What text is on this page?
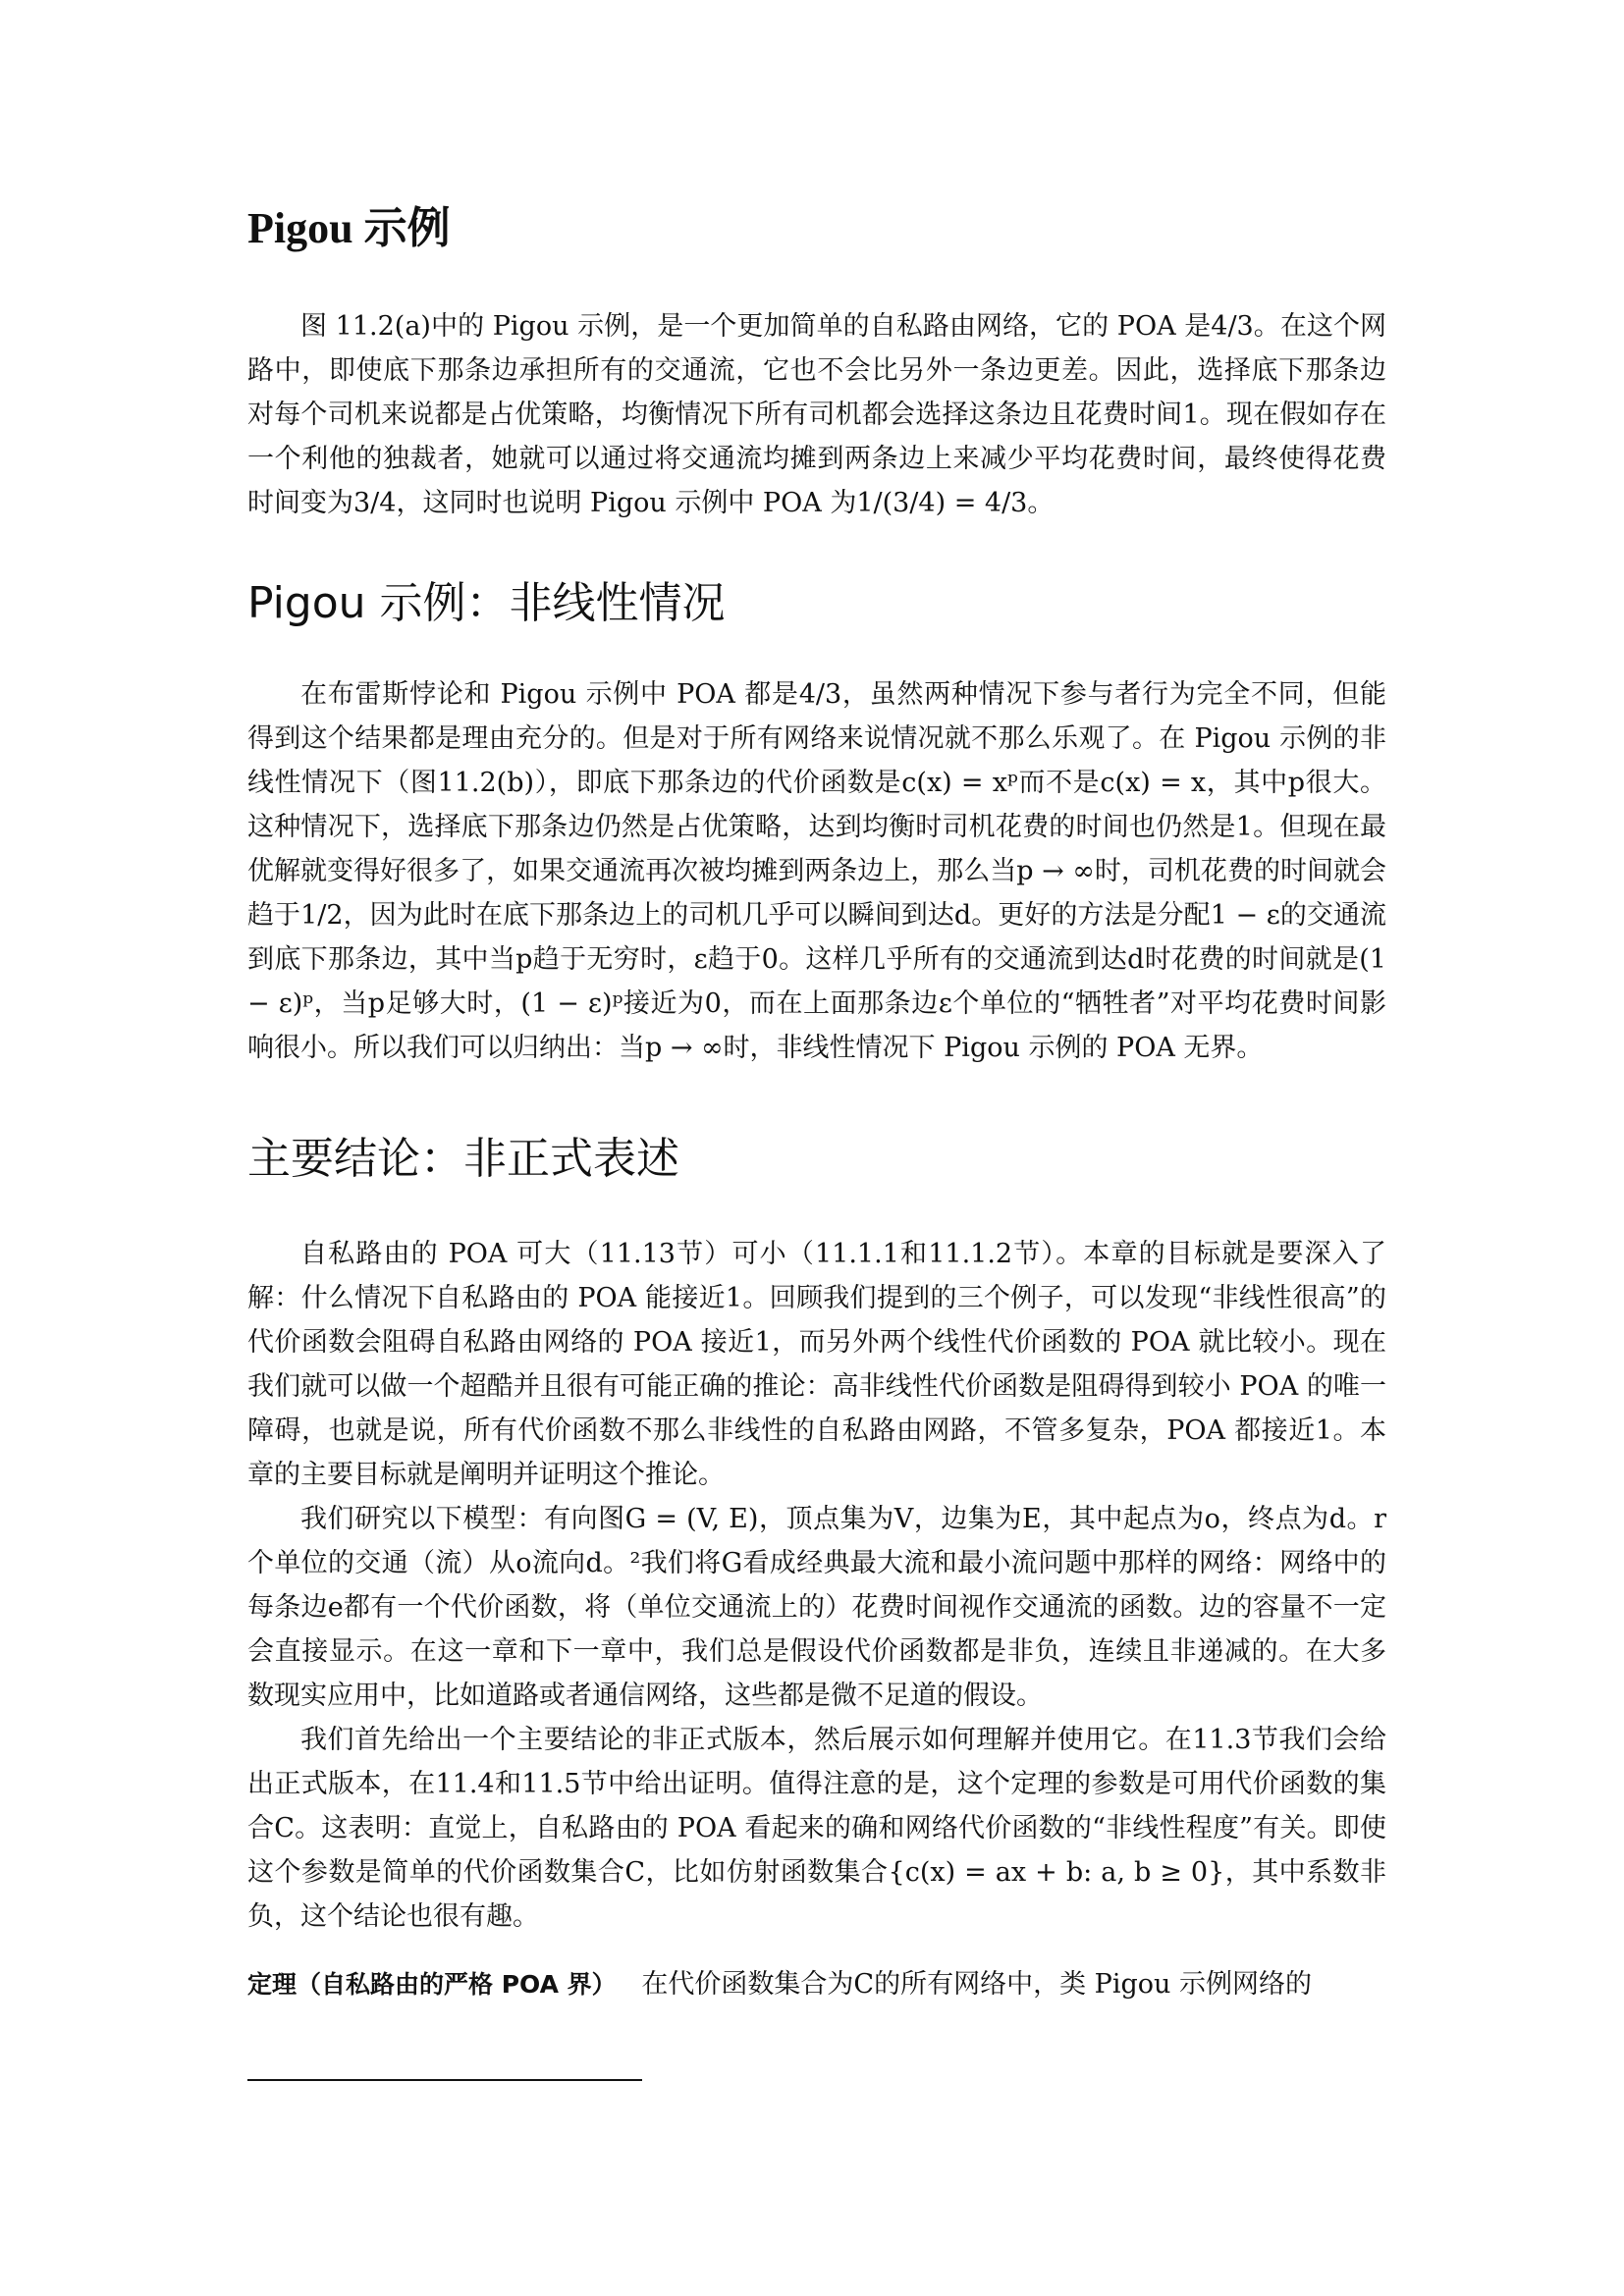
Pigou 示例

图 11.2(a)中的 Pigou 示例，是一个更加简单的自私路由网络，它的 POA 是4/3。在这个网路中，即使底下那条边承担所有的交通流，它也不会比另外一条边更差。因此，选择底下那条边对每个司机来说都是占优策略，均衡情况下所有司机都会选择这条边且花费时间1。现在假如存在一个利他的独裁者，她就可以通过将交通流均摊到两条边上来减少平均花费时间，最终使得花费时间变为3/4，这同时也说明 Pigou 示例中 POA 为1/(3/4) = 4/3。

Pigou 示例：非线性情况

在布雷斯悖论和 Pigou 示例中 POA 都是4/3，虽然两种情况下参与者行为完全不同，但能得到这个结果都是理由充分的。但是对于所有网络来说情况就不那么乐观了。在 Pigou 示例的非线性情况下（图11.2(b)），即底下那条边的代价函数是c(x) = xᵖ而不是c(x) = x，其中p很大。这种情况下，选择底下那条边仍然是占优策略，达到均衡时司机花费的时间也仍然是1。但现在最优解就变得好很多了，如果交通流再次被均摊到两条边上，那么当p → ∞时，司机花费的时间就会趋于1/2，因为此时在底下那条边上的司机几乎可以瞬间到达d。更好的方法是分配1 − ε的交通流到底下那条边，其中当p趋于无穷时，ε趋于0。这样几乎所有的交通流到达d时花费的时间就是(1 − ε)ᵖ，当p足够大时，(1 − ε)ᵖ接近为0，而在上面那条边ε个单位的“牺牲者”对平均花费时间影响很小。所以我们可以归纳出：当p → ∞时，非线性情况下 Pigou 示例的 POA 无界。

主要结论：非正式表述

自私路由的 POA 可大（11.13节）可小（11.1.1和11.1.2节）。本章的目标就是要深入了解：什么情况下自私路由的 POA 能接近1。回顾我们提到的三个例子，可以发现“非线性很高”的代价函数会阻碍自私路由网络的 POA 接近1，而另外两个线性代价函数的 POA 就比较小。现在我们就可以做一个超酷并且很有可能正确的推论：高非线性代价函数是阻碍得到较小 POA 的唯一障碍，也就是说，所有代价函数不那么非线性的自私路由网路，不管多复杂，POA 都接近1。本章的主要目标就是阐明并证明这个推论。

我们研究以下模型：有向图G = (V, E)，顶点集为V，边集为E，其中起点为o，终点为d。r个单位的交通（流）从o流向d。²我们将G看成经典最大流和最小流问题中那样的网络：网络中的每条边e都有一个代价函数，将（单位交通流上的）花费时间视作交通流的函数。边的容量不一定会直接显示。在这一章和下一章中，我们总是假设代价函数都是非负，连续且非递减的。在大多数现实应用中，比如道路或者通信网络，这些都是微不足道的假设。

我们首先给出一个主要结论的非正式版本，然后展示如何理解并使用它。在11.3节我们会给出正式版本，在11.4和11.5节中给出证明。值得注意的是，这个定理的参数是可用代价函数的集合C。这表明：直觉上，自私路由的 POA 看起来的确和网络代价函数的“非线性程度”有关。即使这个参数是简单的代价函数集合C，比如仿射函数集合{c(x) = ax + b: a, b ≥ 0}，其中系数非负，这个结论也很有趣。

定理（自私路由的严格 POA 界） 在代价函数集合为C的所有网络中，类 Pigou 示例网络的
